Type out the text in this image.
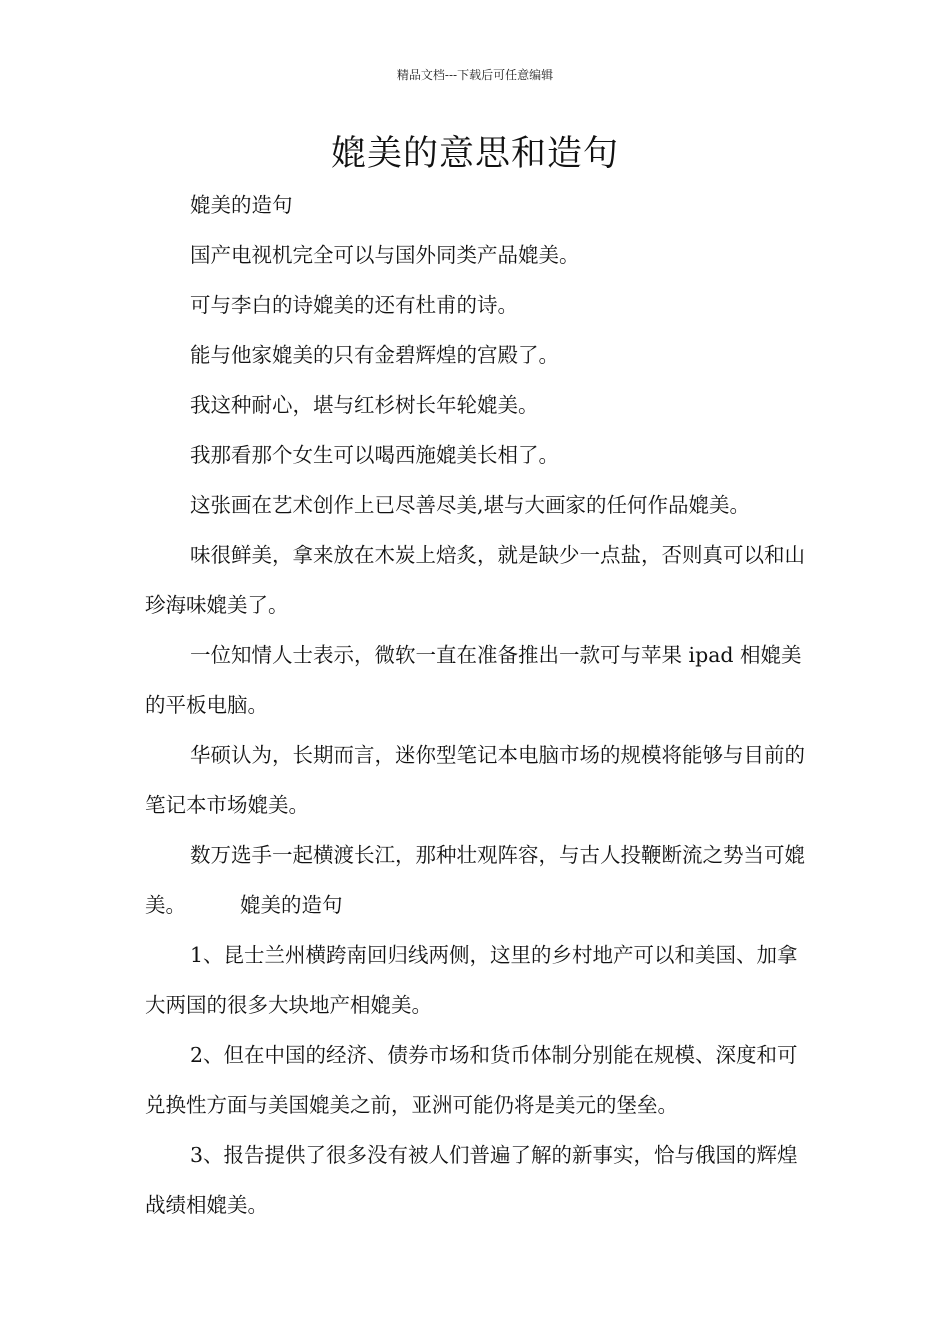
精品文档---下载后可任意编辑
媲美的意思和造句

媲美的造句

国产电视机完全可以与国外同类产品媲美。

可与李白的诗媲美的还有杜甫的诗。

能与他家媲美的只有金碧辉煌的宫殿了。

我这种耐心，堪与红杉树长年轮媲美。

我那看那个女生可以喝西施媲美长相了。

这张画在艺术创作上已尽善尽美,堪与大画家的任何作品媲美。

味很鲜美，拿来放在木炭上焙炙，就是缺少一点盐，否则真可以和山珍海味媲美了。

一位知情人士表示，微软一直在准备推出一款可与苹果 ipad 相媲美的平板电脑。

华硕认为，长期而言，迷你型笔记本电脑市场的规模将能够与目前的笔记本市场媲美。

数万选手一起横渡长江，那种壮观阵容，与古人投鞭断流之势当可媲美。	媲美的造句

1、昆士兰州横跨南回归线两侧，这里的乡村地产可以和美国、加拿大两国的很多大块地产相媲美。

2、但在中国的经济、债券市场和货币体制分别能在规模、深度和可兑换性方面与美国媲美之前，亚洲可能仍将是美元的堡垒。

3、报告提供了很多没有被人们普遍了解的新事实，恰与俄国的辉煌战绩相媲美。
